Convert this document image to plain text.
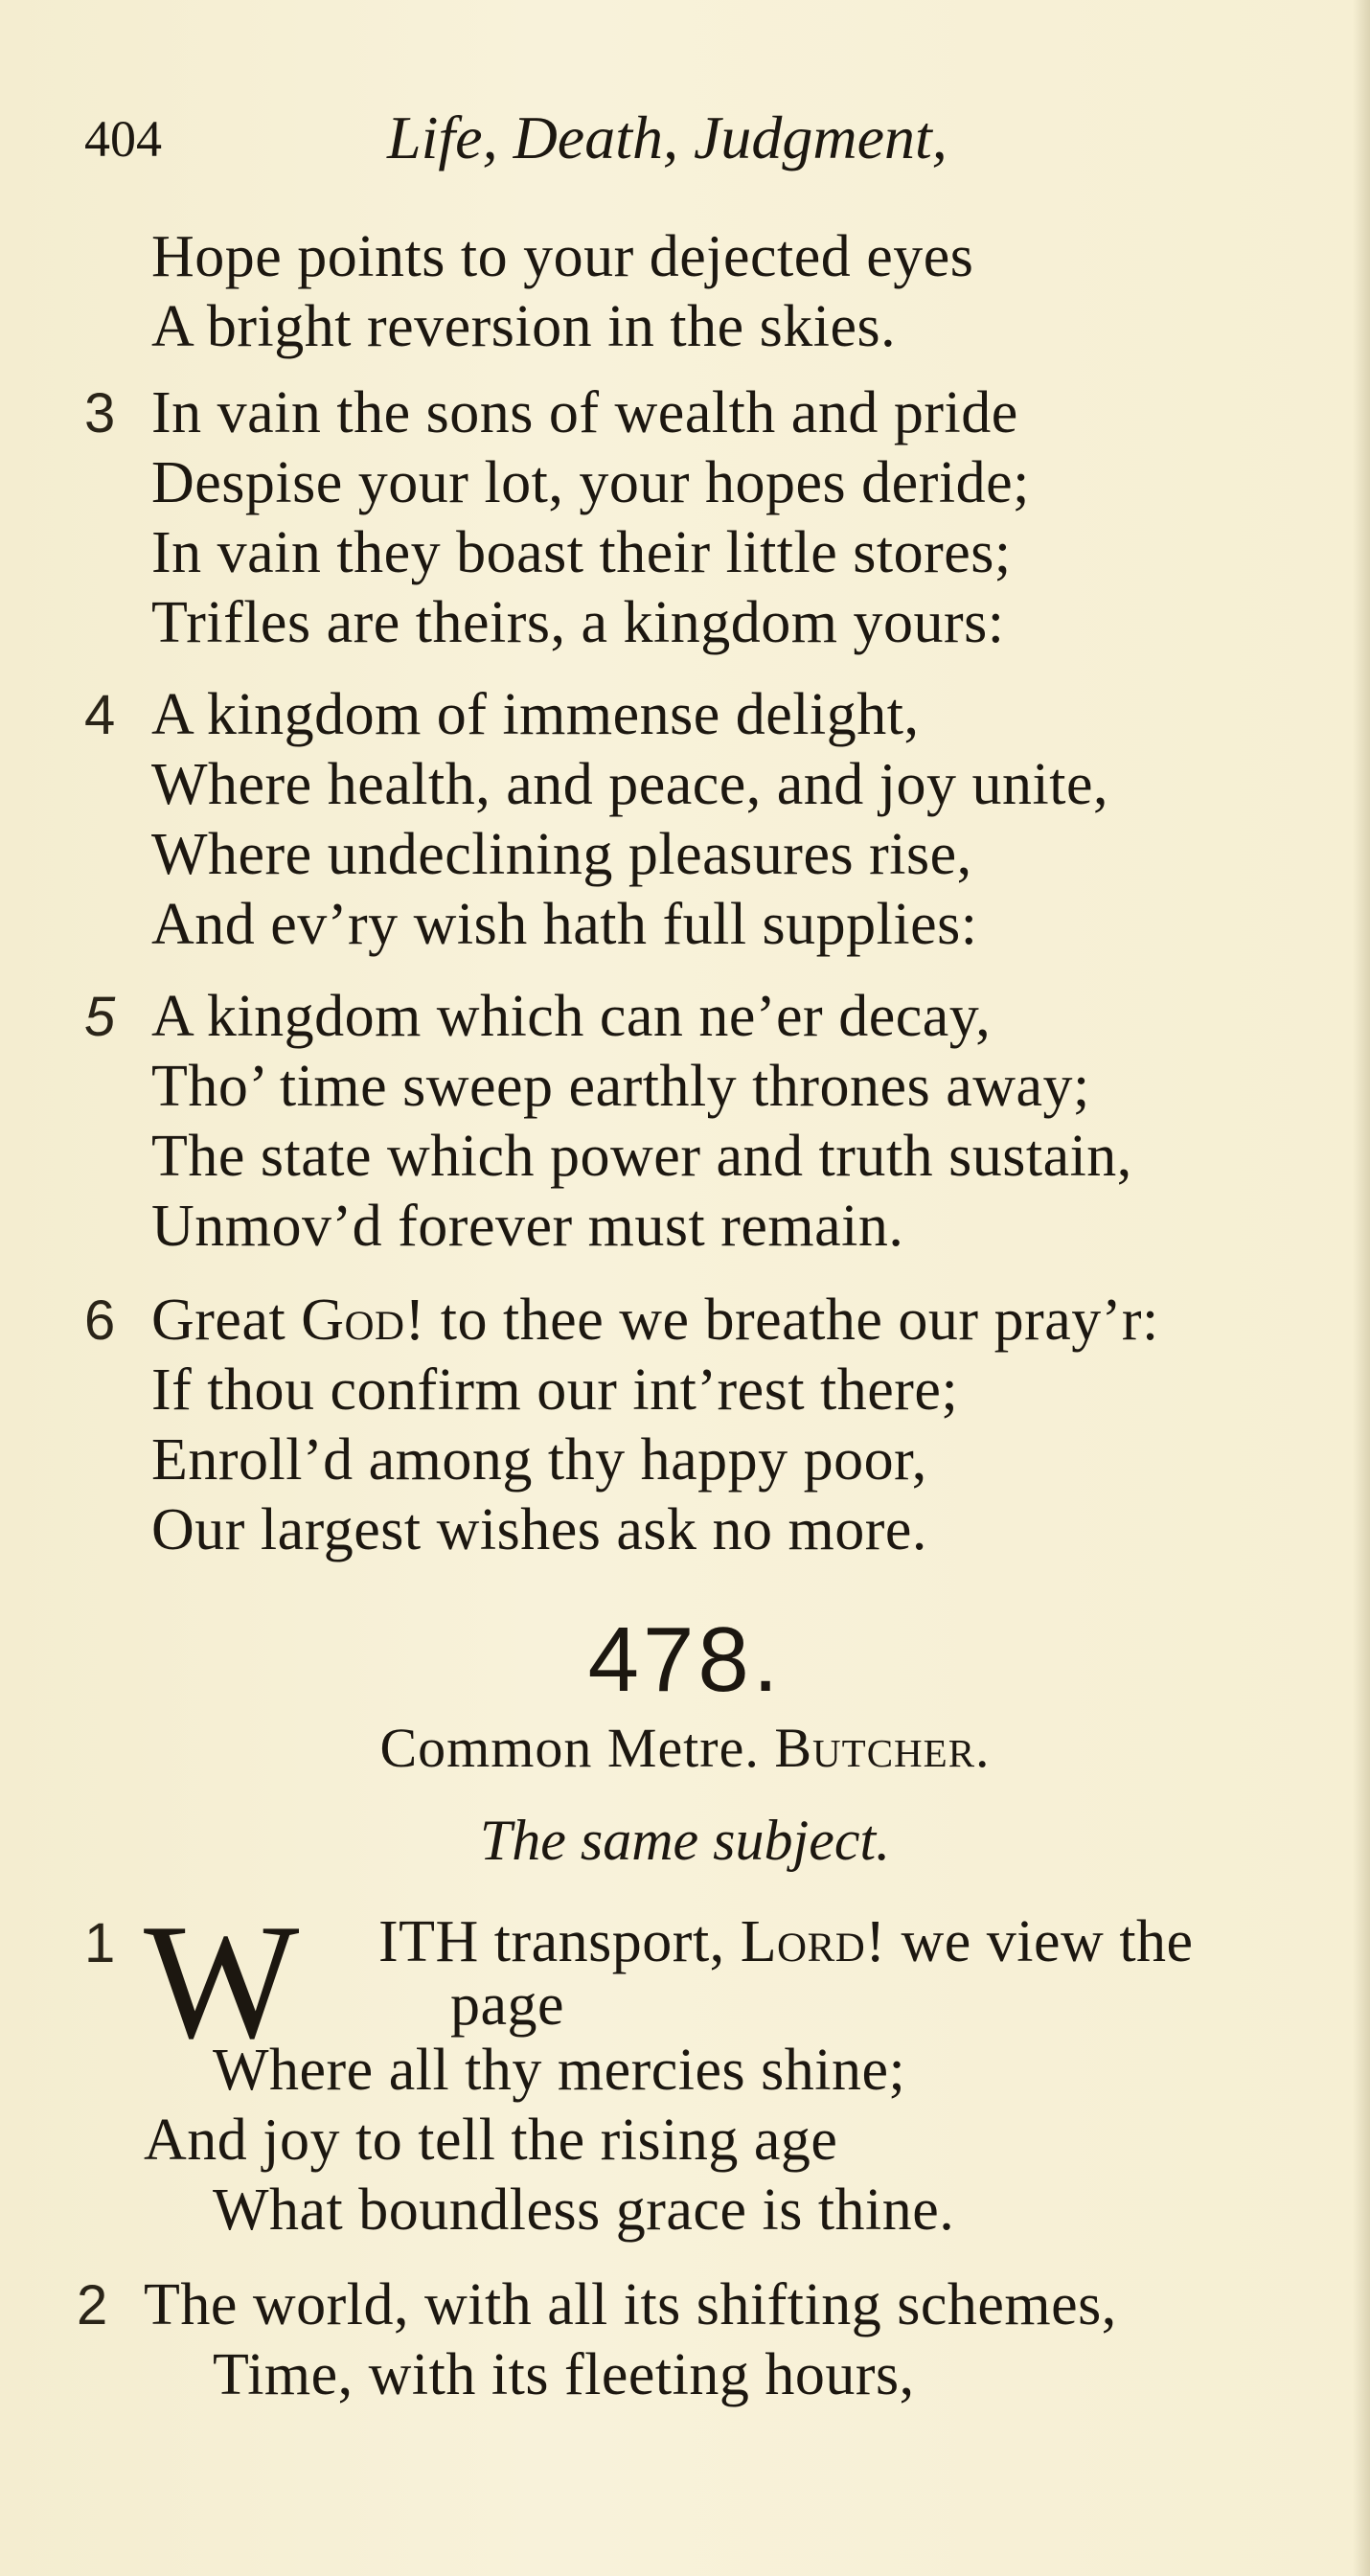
404	Life, Death, Judgment,
Hope points to your dejected eyes
A bright reversion in the skies.
3 In vain the sons of wealth and pride
Despise your lot, your hopes deride;
In vain they boast their little stores;
Trifles are theirs, a kingdom yours:
4 A kingdom of immense delight,
Where health, and peace, and joy unite,
Where undeclining pleasures rise,
And ev’ry wish hath full supplies:
5 A kingdom which can ne’er decay,
Tho’ time sweep earthly thrones away;
The state which power and truth sustain,
Unmov’d forever must remain.
6 Great God! to thee we breathe our pray’r:
If thou confirm our int’rest there;
Enroll’d among thy happy poor,
Our largest wishes ask no more.
478.
Common Metre. Butcher.
The same subject.
1 W ITH transport, Lord! we view the
page
Where all thy mercies shine;
And joy to tell the rising age
What boundless grace is thine.
2 The world, with all its shifting schemes,
Time, with its fleeting hours,
